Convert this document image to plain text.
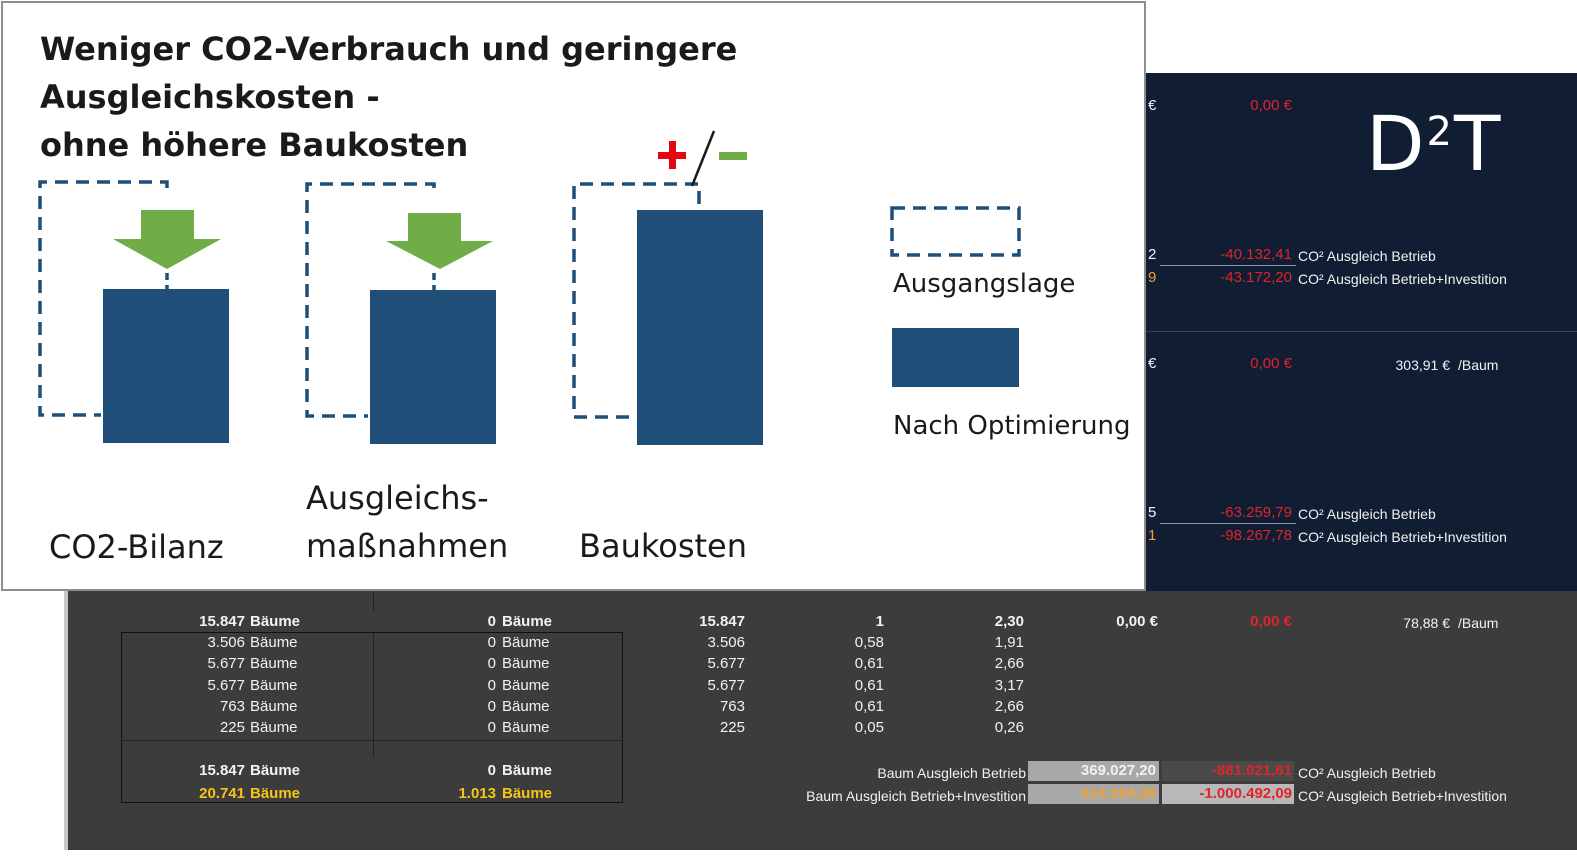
€	0,00 €
2	-40.132,41 CO² Ausgleich Betrieb
9	-43.172,20 CO² Ausgleich Betrieb+Investition
€	0,00 €	303,91 € /Baum
5	-63.259,79 CO² Ausgleich Betrieb
1	-98.267,78 CO² Ausgleich Betrieb+Investition
$D^2T$
15.847 Bäume	0 Bäume	15.847	1	2,30	0,00 €	0,00 €	78,88 € /Baum
3.506 Bäume	0 Bäume	3.506	0,58	1,91
5.677 Bäume	0 Bäume	5.677	0,61	2,66
5.677 Bäume	0 Bäume	5.677	0,61	3,17
763 Bäume	0 Bäume	763	0,61	2,66
225 Bäume	0 Bäume	225	0,05	0,26
15.847 Bäume	0 Bäume
20.741 Bäume	1.013 Bäume
Baum Ausgleich Betrieb	369.027,20	-881.021,61 CO² Ausgleich Betrieb
Baum Ausgleich Betrieb+Investition	514.254,38	-1.000.492,09 CO² Ausgleich Betrieb+Investition
Weniger CO2-Verbrauch und geringere Ausgleichskosten -
ohne höhere Baukosten
CO2-Bilanz
Ausgleichs-
maßnahmen Baukosten
Ausgangslage
Nach Optimierung
